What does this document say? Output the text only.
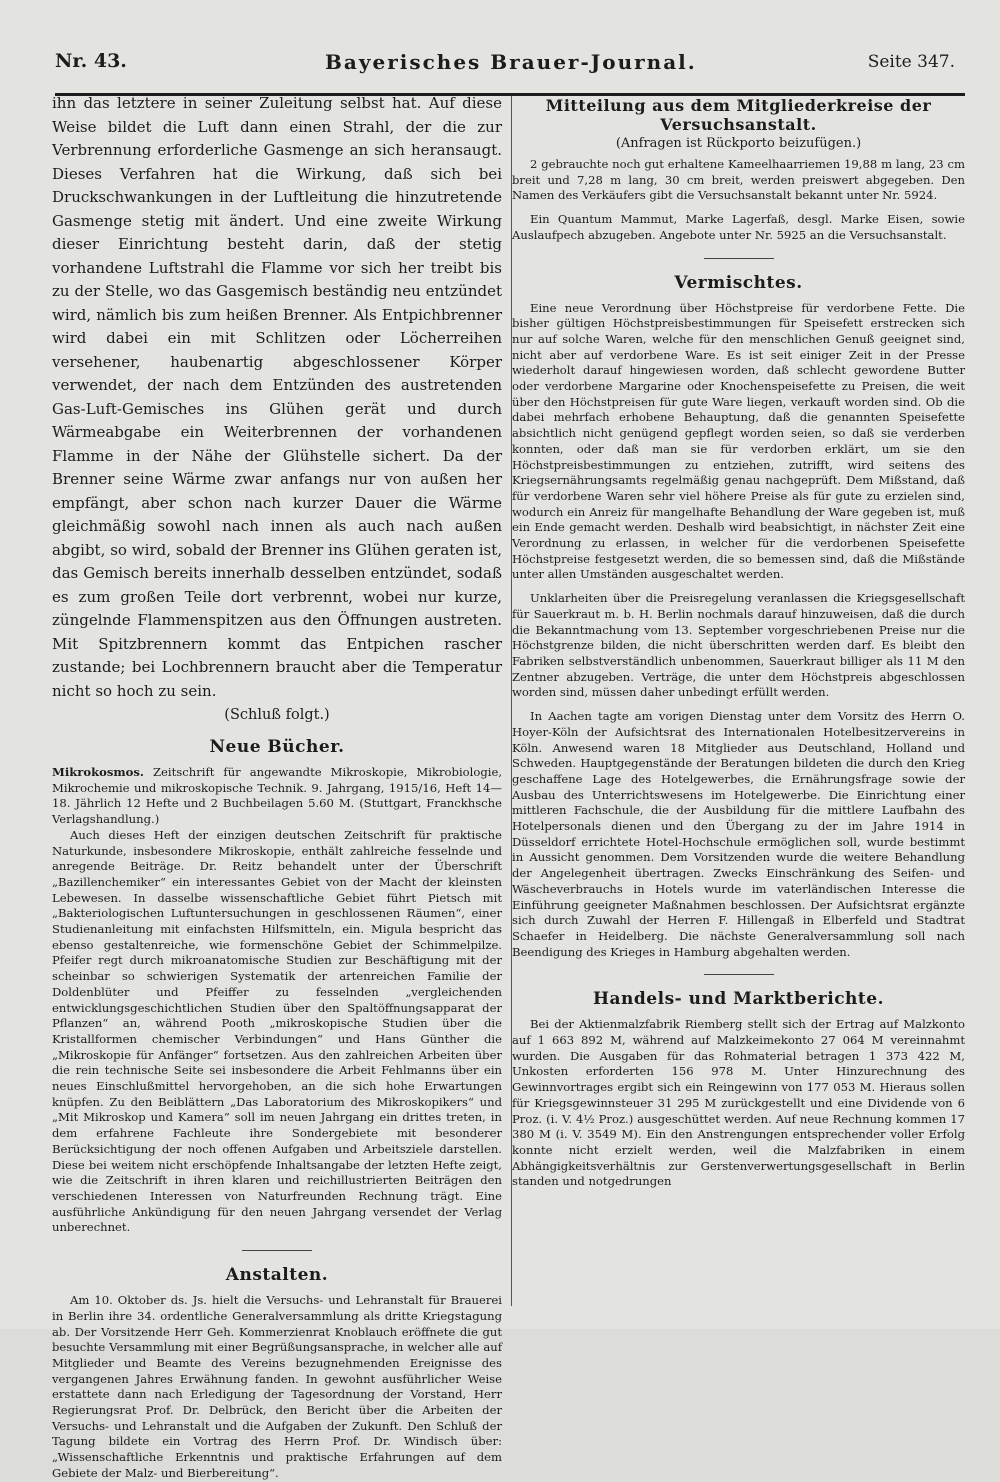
Nr. 43.	Bayerisches Brauer-Journal.	Seite 347.

ihn das letztere in seiner Zuleitung selbst hat. Auf diese Weise bildet die Luft dann einen Strahl, der die zur Verbrennung erforderliche Gasmenge an sich heransaugt. Dieses Verfahren hat die Wirkung, daß sich bei Druckschwankungen in der Luftleitung die hinzutretende Gasmenge stetig mit ändert. Und eine zweite Wirkung dieser Einrichtung besteht darin, daß der stetig vorhandene Luftstrahl die Flamme vor sich her treibt bis zu der Stelle, wo das Gasgemisch beständig neu entzündet wird, nämlich bis zum heißen Brenner. Als Entpichbrenner wird dabei ein mit Schlitzen oder Löcherreihen versehener, haubenartig abgeschlossener Körper verwendet, der nach dem Entzünden des austretenden Gas-Luft-Gemisches ins Glühen gerät und durch Wärmeabgabe ein Weiterbrennen der vorhandenen Flamme in der Nähe der Glühstelle sichert. Da der Brenner seine Wärme zwar anfangs nur von außen her empfängt, aber schon nach kurzer Dauer die Wärme gleichmäßig sowohl nach innen als auch nach außen abgibt, so wird, sobald der Brenner ins Glühen geraten ist, das Gemisch bereits innerhalb desselben entzündet, sodaß es zum großen Teile dort verbrennt, wobei nur kurze, züngelnde Flammenspitzen aus den Öffnungen austreten. Mit Spitzbrennern kommt das Entpichen rascher zustande; bei Lochbrennern braucht aber die Temperatur nicht so hoch zu sein.

(Schluß folgt.)
Neue Bücher.

Mikrokosmos. Zeitschrift für angewandte Mikroskopie, Mikrobiologie, Mikrochemie und mikroskopische Technik. 9. Jahrgang, 1915/16, Heft 14—18. Jährlich 12 Hefte und 2 Buchbeilagen 5.60 M. (Stuttgart, Franckhsche Verlagshandlung.)

Auch dieses Heft der einzigen deutschen Zeitschrift für praktische Naturkunde, insbesondere Mikroskopie, enthält zahlreiche fesselnde und anregende Beiträge. Dr. Reitz behandelt unter der Überschrift „Bazillenchemiker“ ein interessantes Gebiet von der Macht der kleinsten Lebewesen. In dasselbe wissenschaftliche Gebiet führt Pietsch mit „Bakteriologischen Luftuntersuchungen in geschlossenen Räumen“, einer Studienanleitung mit einfachsten Hilfsmitteln, ein. Migula bespricht das ebenso gestaltenreiche, wie formenschöne Gebiet der Schimmelpilze. Pfeifer regt durch mikroanatomische Studien zur Beschäftigung mit der scheinbar so schwierigen Systematik der artenreichen Familie der Doldenblüter und Pfeiffer zu fesselnden „vergleichenden entwicklungsgeschichtlichen Studien über den Spaltöffnungsapparat der Pflanzen“ an, während Pooth „mikroskopische Studien über die Kristallformen chemischer Verbindungen“ und Hans Günther die „Mikroskopie für Anfänger“ fortsetzen. Aus den zahlreichen Arbeiten über die rein technische Seite sei insbesondere die Arbeit Fehlmanns über ein neues Einschlußmittel hervorgehoben, an die sich hohe Erwartungen knüpfen. Zu den Beiblättern „Das Laboratorium des Mikroskopikers“ und „Mit Mikroskop und Kamera“ soll im neuen Jahrgang ein drittes treten, in dem erfahrene Fachleute ihre Sondergebiete mit besonderer Berücksichtigung der noch offenen Aufgaben und Arbeitsziele darstellen. Diese bei weitem nicht erschöpfende Inhaltsangabe der letzten Hefte zeigt, wie die Zeitschrift in ihren klaren und reichillustrierten Beiträgen den verschiedenen Interessen von Naturfreunden Rechnung trägt. Eine ausführliche Ankündigung für den neuen Jahrgang versendet der Verlag unberechnet.

Anstalten.

Am 10. Oktober ds. Js. hielt die Versuchs- und Lehranstalt für Brauerei in Berlin ihre 34. ordentliche Generalversammlung als dritte Kriegstagung ab. Der Vorsitzende Herr Geh. Kommerzienrat Knoblauch eröffnete die gut besuchte Versammlung mit einer Begrüßungsansprache, in welcher alle auf Mitglieder und Beamte des Vereins bezugnehmenden Ereignisse des vergangenen Jahres Erwähnung fanden. In gewohnt ausführlicher Weise erstattete dann nach Erledigung der Tagesordnung der Vorstand, Herr Regierungsrat Prof. Dr. Delbrück, den Bericht über die Arbeiten der Versuchs- und Lehranstalt und die Aufgaben der Zukunft. Den Schluß der Tagung bildete ein Vortrag des Herrn Prof. Dr. Windisch über: „Wissenschaftliche Erkenntnis und praktische Erfahrungen auf dem Gebiete der Malz- und Bierbereitung“.

Mitteilung aus dem Mitgliederkreise der Versuchsanstalt.
(Anfragen ist Rückporto beizufügen.)

2 gebrauchte noch gut erhaltene Kameelhaarriemen 19,88 m lang, 23 cm breit und 7,28 m lang, 30 cm breit, werden preiswert abgegeben. Den Namen des Verkäufers gibt die Versuchsanstalt bekannt unter Nr. 5924.

Ein Quantum Mammut, Marke Lagerfaß, desgl. Marke Eisen, sowie Auslaufpech abzugeben. Angebote unter Nr. 5925 an die Versuchsanstalt.

Vermischtes.

Eine neue Verordnung über Höchstpreise für verdorbene Fette. Die bisher gültigen Höchstpreisbestimmungen für Speisefett erstrecken sich nur auf solche Waren, welche für den menschlichen Genuß geeignet sind, nicht aber auf verdorbene Ware. Es ist seit einiger Zeit in der Presse wiederholt darauf hingewiesen worden, daß schlecht gewordene Butter oder verdorbene Margarine oder Knochenspeisefette zu Preisen, die weit über den Höchstpreisen für gute Ware liegen, verkauft worden sind. Ob die dabei mehrfach erhobene Behauptung, daß die genannten Speisefette absichtlich nicht genügend gepflegt worden seien, so daß sie verderben konnten, oder daß man sie für verdorben erklärt, um sie den Höchstpreisbestimmungen zu entziehen, zutrifft, wird seitens des Kriegsernährungsamts regelmäßig genau nachgeprüft. Dem Mißstand, daß für verdorbene Waren sehr viel höhere Preise als für gute zu erzielen sind, wodurch ein Anreiz für mangelhafte Behandlung der Ware gegeben ist, muß ein Ende gemacht werden. Deshalb wird beabsichtigt, in nächster Zeit eine Verordnung zu erlassen, in welcher für die verdorbenen Speisefette Höchstpreise festgesetzt werden, die so bemessen sind, daß die Mißstände unter allen Umständen ausgeschaltet werden.

Unklarheiten über die Preisregelung veranlassen die Kriegsgesellschaft für Sauerkraut m. b. H. Berlin nochmals darauf hinzuweisen, daß die durch die Bekanntmachung vom 13. September vorgeschriebenen Preise nur die Höchstgrenze bilden, die nicht überschritten werden darf. Es bleibt den Fabriken selbstverständlich unbenommen, Sauerkraut billiger als 11 M den Zentner abzugeben. Verträge, die unter dem Höchstpreis abgeschlossen worden sind, müssen daher unbedingt erfüllt werden.

In Aachen tagte am vorigen Dienstag unter dem Vorsitz des Herrn O. Hoyer-Köln der Aufsichtsrat des Internationalen Hotelbesitzervereins in Köln. Anwesend waren 18 Mitglieder aus Deutschland, Holland und Schweden. Hauptgegenstände der Beratungen bildeten die durch den Krieg geschaffene Lage des Hotelgewerbes, die Ernährungsfrage sowie der Ausbau des Unterrichtswesens im Hotelgewerbe. Die Einrichtung einer mittleren Fachschule, die der Ausbildung für die mittlere Laufbahn des Hotelpersonals dienen und den Übergang zu der im Jahre 1914 in Düsseldorf errichtete Hotel-Hochschule ermöglichen soll, wurde bestimmt in Aussicht genommen. Dem Vorsitzenden wurde die weitere Behandlung der Angelegenheit übertragen. Zwecks Einschränkung des Seifen- und Wäscheverbrauchs in Hotels wurde im vaterländischen Interesse die Einführung geeigneter Maßnahmen beschlossen. Der Aufsichtsrat ergänzte sich durch Zuwahl der Herren F. Hillengaß in Elberfeld und Stadtrat Schaefer in Heidelberg. Die nächste Generalversammlung soll nach Beendigung des Krieges in Hamburg abgehalten werden.

Handels- und Marktberichte.

Bei der Aktienmalzfabrik Riemberg stellt sich der Ertrag auf Malzkonto auf 1 663 892 M, während auf Malzkeimekonto 27 064 M vereinnahmt wurden. Die Ausgaben für das Rohmaterial betragen 1 373 422 M, Unkosten erforderten 156 978 M. Unter Hinzurechnung des Gewinnvortrages ergibt sich ein Reingewinn von 177 053 M. Hieraus sollen für Kriegsgewinnsteuer 31 295 M zurückgestellt und eine Dividende von 6 Proz. (i. V. 4½ Proz.) ausgeschüttet werden. Auf neue Rechnung kommen 17 380 M (i. V. 3549 M). Ein den Anstrengungen entsprechender voller Erfolg konnte nicht erzielt werden, weil die Malzfabriken in einem Abhängigkeitsverhältnis zur Gerstenverwertungsgesellschaft in Berlin standen und notgedrungen
